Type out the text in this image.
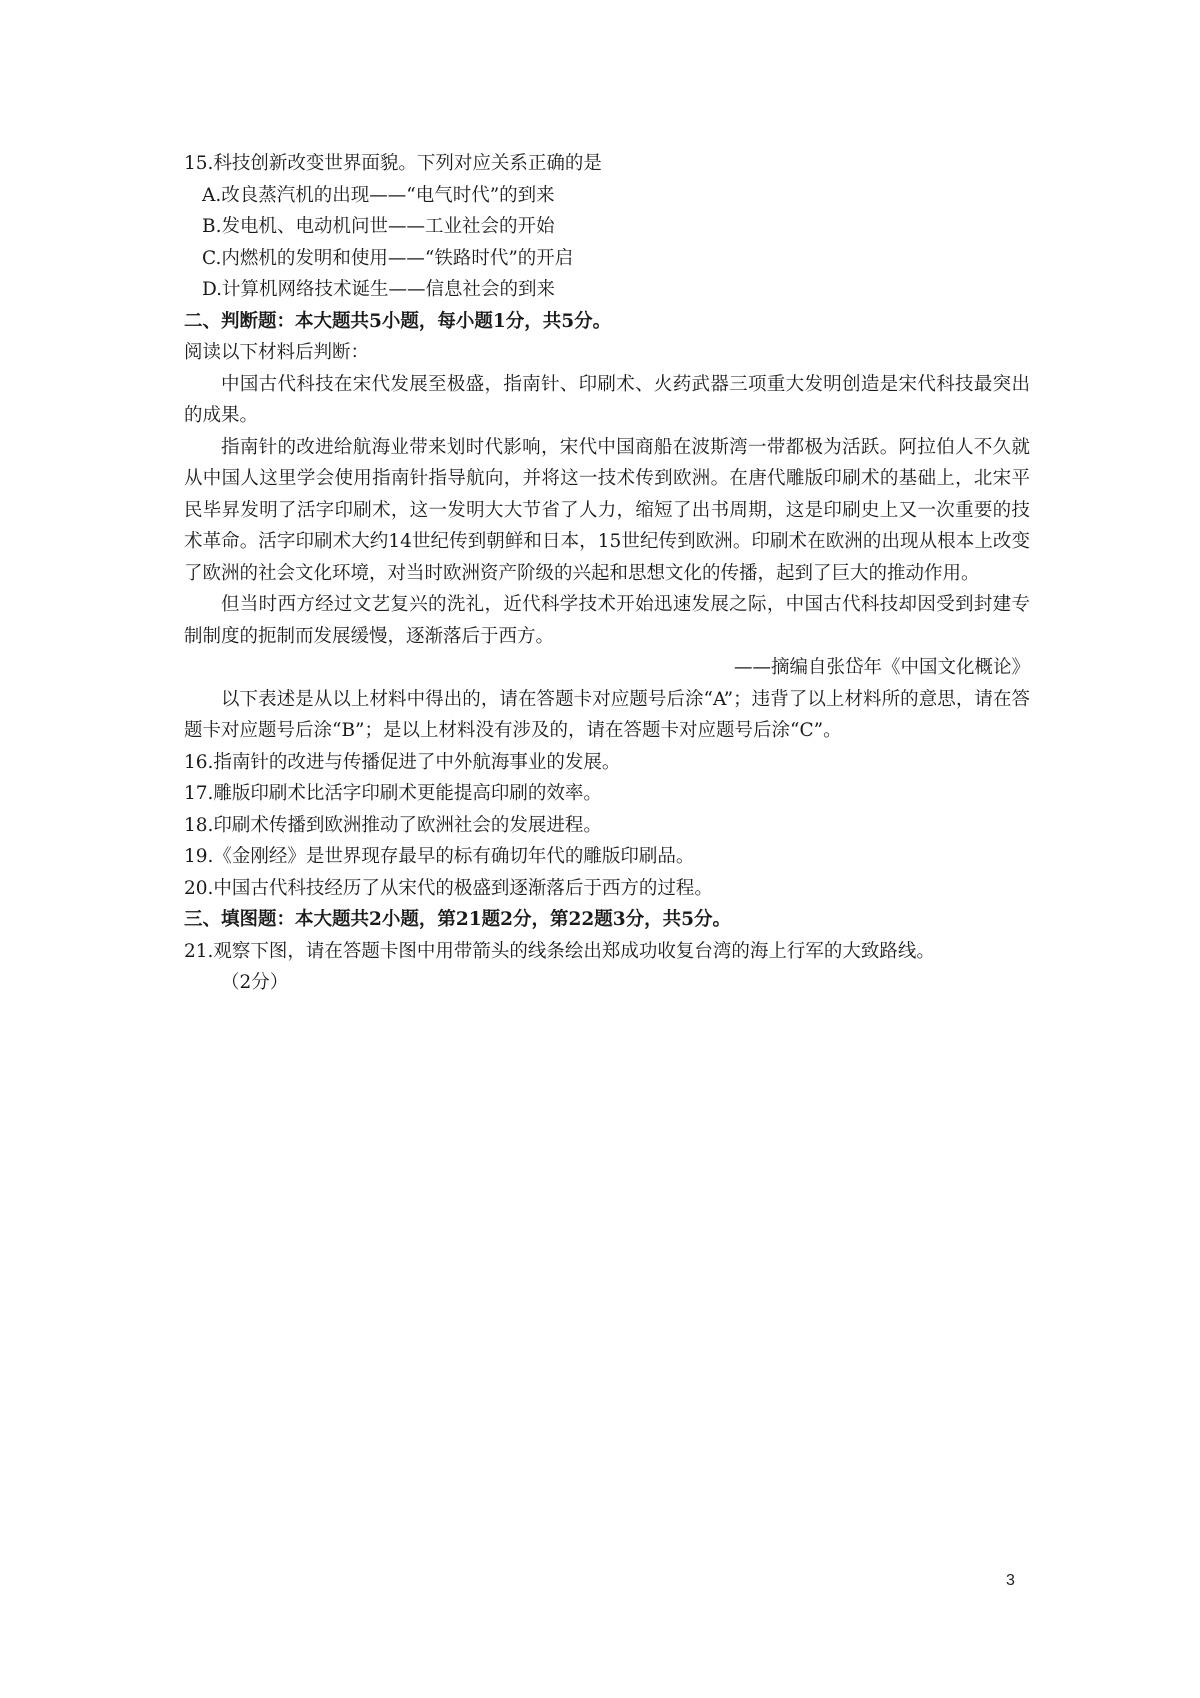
15.科技创新改变世界面貌。下列对应关系正确的是

A.改良蒸汽机的出现——“电气时代”的到来

B.发电机、电动机问世——工业社会的开始

C.内燃机的发明和使用——“铁路时代”的开启

D.计算机网络技术诞生——信息社会的到来

二、判断题：本大题共5小题，每小题1分，共5分。

阅读以下材料后判断：

中国古代科技在宋代发展至极盛，指南针、印刷术、火药武器三项重大发明创造是宋代科技最突出的成果。

指南针的改进给航海业带来划时代影响，宋代中国商船在波斯湾一带都极为活跃。阿拉伯人不久就从中国人这里学会使用指南针指导航向，并将这一技术传到欧洲。在唐代雕版印刷术的基础上，北宋平民毕昇发明了活字印刷术，这一发明大大节省了人力，缩短了出书周期，这是印刷史上又一次重要的技术革命。活字印刷术大约14世纪传到朝鲜和日本，15世纪传到欧洲。印刷术在欧洲的出现从根本上改变了欧洲的社会文化环境，对当时欧洲资产阶级的兴起和思想文化的传播，起到了巨大的推动作用。

但当时西方经过文艺复兴的洗礼，近代科学技术开始迅速发展之际，中国古代科技却因受到封建专制制度的扼制而发展缓慢，逐渐落后于西方。

——摘编自张岱年《中国文化概论》

以下表述是从以上材料中得出的，请在答题卡对应题号后涂“A”；违背了以上材料所的意思，请在答题卡对应题号后涂“B”；是以上材料没有涉及的，请在答题卡对应题号后涂“C”。

16.指南针的改进与传播促进了中外航海事业的发展。

17.雕版印刷术比活字印刷术更能提高印刷的效率。

18.印刷术传播到欧洲推动了欧洲社会的发展进程。

19.《金刚经》是世界现存最早的标有确切年代的雕版印刷品。

20.中国古代科技经历了从宋代的极盛到逐渐落后于西方的过程。

三、填图题：本大题共2小题，第21题2分，第22题3分，共5分。

21.观察下图，请在答题卡图中用带箭头的线条绘出郑成功收复台湾的海上行军的大致路线。

（2分）

3
